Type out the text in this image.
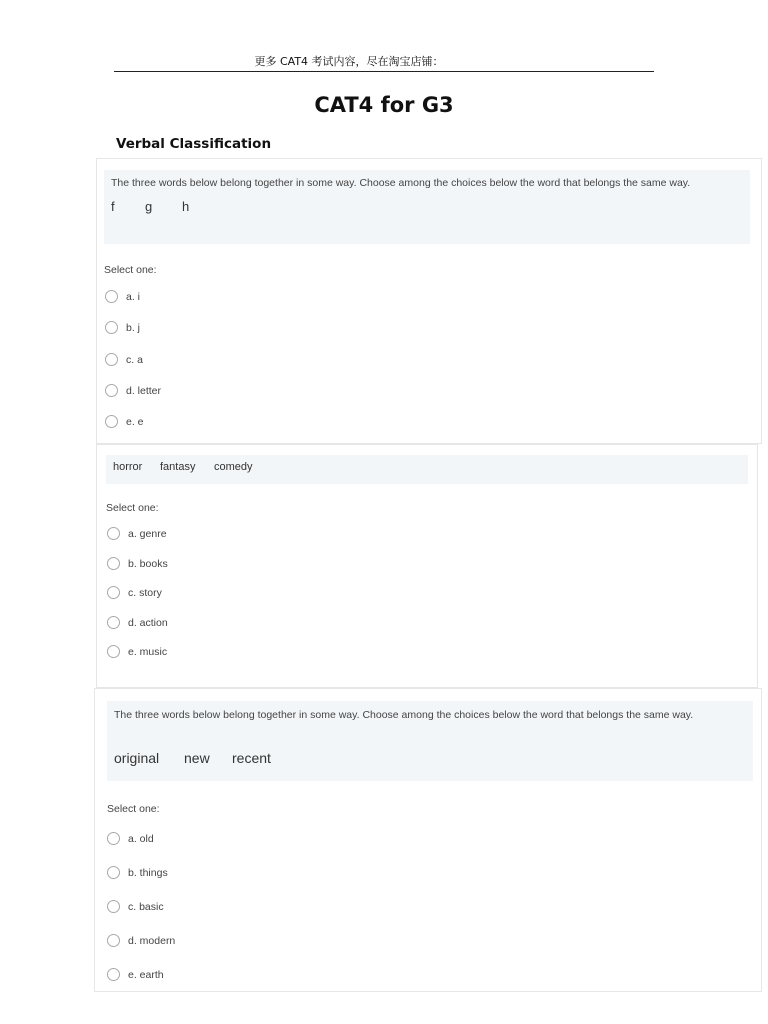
更多 CAT4 考试内容，尽在淘宝店铺：
CAT4 for G3
Verbal Classification
The three words below belong together in some way. Choose among the choices below the word that belongs the same way.
f g h
Select one:
a. i
b. j
c. a
d. letter
e. e
horror fantasy comedy
Select one:
a. genre
b. books
c. story
d. action
e. music
The three words below belong together in some way. Choose among the choices below the word that belongs the same way.
original new recent
Select one:
a. old
b. things
c. basic
d. modern
e. earth
